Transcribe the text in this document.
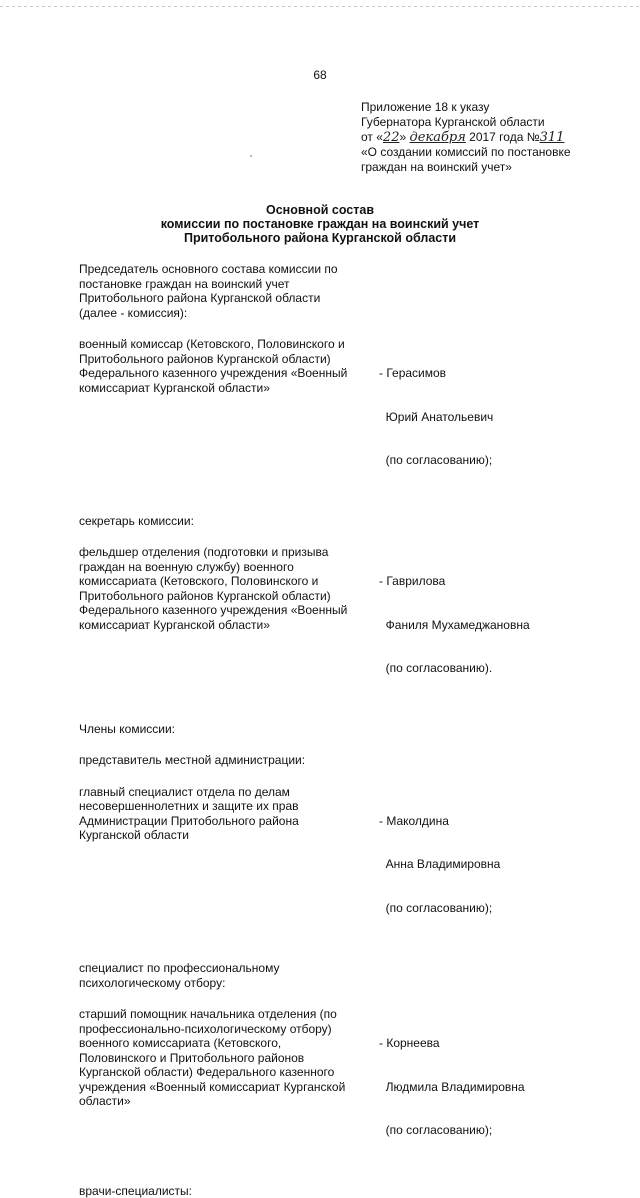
68
Приложение 18 к указу
Губернатора Курганской области
от «22» декабря 2017 года №311
«О создании комиссий по постановке
граждан на воинский учет»
Основной состав
комиссии по постановке граждан на воинский учет
Притобольного района Курганской области
Председатель основного состава комиссии по
постановке граждан на воинский учет
Притобольного района Курганской области
(далее - комиссия):
военный комиссар (Кетовского, Половинского и
Притобольного районов Курганской области)
Федерального казенного учреждения «Военный
комиссариат Курганской области»

- Герасимов

Юрий Анатольевич

(по согласованию);

секретарь комиссии:
фельдшер отделения (подготовки и призыва
граждан на военную службу) военного
комиссариата (Кетовского, Половинского и
Притобольного районов Курганской области)
Федерального казенного учреждения «Военный
комиссариат Курганской области»

- Гаврилова

Фаниля Мухамеджановна

(по согласованию).

Члены комиссии:
представитель местной администрации:
главный специалист отдела по делам
несовершеннолетних и защите их прав
Администрации Притобольного района
Курганской области

- Маколдина

Анна Владимировна

(по согласованию);

специалист по профессиональному
психологическому отбору:
старший помощник начальника отделения (по
профессионально-психологическому отбору)
военного комиссариата (Кетовского,
Половинского и Притобольного районов
Курганской области) Федерального казенного
учреждения «Военный комиссариат Курганской
области»

- Корнеева

Людмила Владимировна

(по согласованию);

врачи-специалисты:
